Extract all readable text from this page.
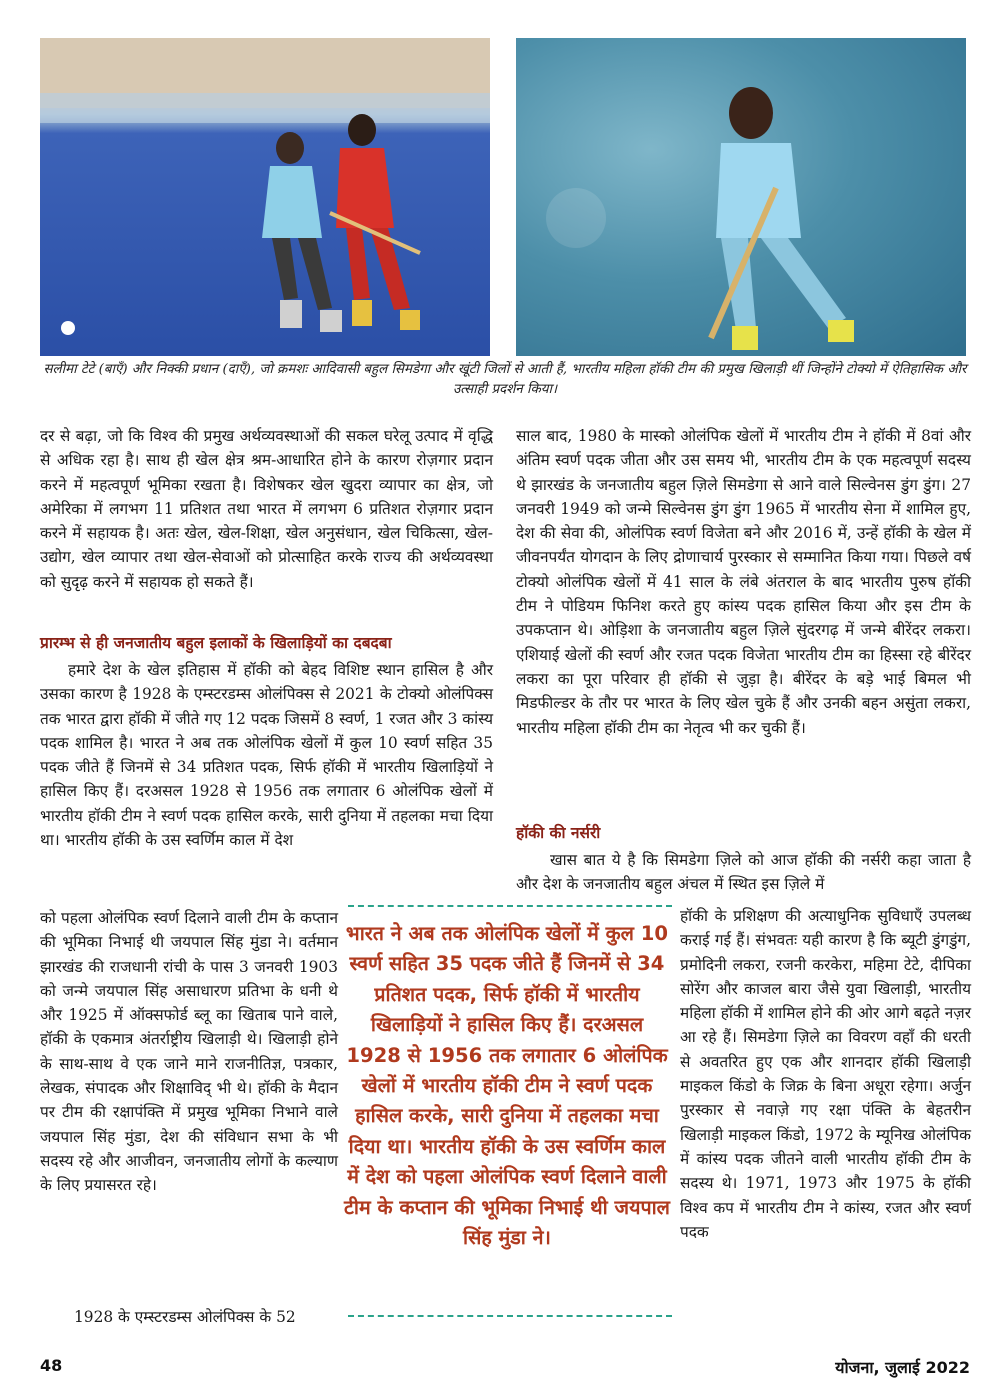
सलीमा टेटे (बाएँ) और निक्की प्रधान (दाएँ), जो क्रमशः आदिवासी बहुल सिमडेगा और खूंटी जिलों से आती हैं, भारतीय महिला हॉकी टीम की प्रमुख खिलाड़ी थीं जिन्होंने टोक्यो में ऐतिहासिक और उत्साही प्रदर्शन किया।

दर से बढ़ा, जो कि विश्व की प्रमुख अर्थव्यवस्थाओं की सकल घरेलू उत्पाद में वृद्धि से अधिक रहा है। साथ ही खेल क्षेत्र श्रम-आधारित होने के कारण रोज़गार प्रदान करने में महत्वपूर्ण भूमिका रखता है। विशेषकर खेल खुदरा व्यापार का क्षेत्र, जो अमेरिका में लगभग 11 प्रतिशत तथा भारत में लगभग 6 प्रतिशत रोज़गार प्रदान करने में सहायक है। अतः खेल, खेल-शिक्षा, खेल अनुसंधान, खेल चिकित्सा, खेल-उद्योग, खेल व्यापार तथा खेल-सेवाओं को प्रोत्साहित करके राज्य की अर्थव्यवस्था को सुदृढ़ करने में सहायक हो सकते हैं।

प्रारम्भ से ही जनजातीय बहुल इलाकों के खिलाड़ियों का दबदबा

हमारे देश के खेल इतिहास में हॉकी को बेहद विशिष्ट स्थान हासिल है और उसका कारण है 1928 के एम्स्टरडम्स ओलंपिक्स से 2021 के टोक्यो ओलंपिक्स तक भारत द्वारा हॉकी में जीते गए 12 पदक जिसमें 8 स्वर्ण, 1 रजत और 3 कांस्य पदक शामिल है। भारत ने अब तक ओलंपिक खेलों में कुल 10 स्वर्ण सहित 35 पदक जीते हैं जिनमें से 34 प्रतिशत पदक, सिर्फ हॉकी में भारतीय खिलाड़ियों ने हासिल किए हैं। दरअसल 1928 से 1956 तक लगातार 6 ओलंपिक खेलों में भारतीय हॉकी टीम ने स्वर्ण पदक हासिल करके, सारी दुनिया में तहलका मचा दिया था। भारतीय हॉकी के उस स्वर्णिम काल में देश

को पहला ओलंपिक स्वर्ण दिलाने वाली टीम के कप्तान की भूमिका निभाई थी जयपाल सिंह मुंडा ने। वर्तमान झारखंड की राजधानी रांची के पास 3 जनवरी 1903 को जन्मे जयपाल सिंह असाधारण प्रतिभा के धनी थे और 1925 में ऑक्सफोर्ड ब्लू का खिताब पाने वाले, हॉकी के एकमात्र अंतर्राष्ट्रीय खिलाड़ी थे। खिलाड़ी होने के साथ-साथ वे एक जाने माने राजनीतिज्ञ, पत्रकार, लेखक, संपादक और शिक्षाविद् भी थे। हॉकी के मैदान पर टीम की रक्षापंक्ति में प्रमुख भूमिका निभाने वाले जयपाल सिंह मुंडा, देश की संविधान सभा के भी सदस्य रहे और आजीवन, जनजातीय लोगों के कल्याण के लिए प्रयासरत रहे।

1928 के एम्स्टरडम्स ओलंपिक्स के 52

साल बाद, 1980 के मास्को ओलंपिक खेलों में भारतीय टीम ने हॉकी में 8वां और अंतिम स्वर्ण पदक जीता और उस समय भी, भारतीय टीम के एक महत्वपूर्ण सदस्य थे झारखंड के जनजातीय बहुल ज़िले सिमडेगा से आने वाले सिल्वेनस डुंग डुंग। 27 जनवरी 1949 को जन्मे सिल्वेनस डुंग डुंग 1965 में भारतीय सेना में शामिल हुए, देश की सेवा की, ओलंपिक स्वर्ण विजेता बने और 2016 में, उन्हें हॉकी के खेल में जीवनपर्यंत योगदान के लिए द्रोणाचार्य पुरस्कार से सम्मानित किया गया। पिछले वर्ष टोक्यो ओलंपिक खेलों में 41 साल के लंबे अंतराल के बाद भारतीय पुरुष हॉकी टीम ने पोडियम फिनिश करते हुए कांस्य पदक हासिल किया और इस टीम के उपकप्तान थे। ओड़िशा के जनजातीय बहुल ज़िले सुंदरगढ़ में जन्मे बीरेंदर लकरा। एशियाई खेलों की स्वर्ण और रजत पदक विजेता भारतीय टीम का हिस्सा रहे बीरेंदर लकरा का पूरा परिवार ही हॉकी से जुड़ा है। बीरेंदर के बड़े भाई बिमल भी मिडफील्डर के तौर पर भारत के लिए खेल चुके हैं और उनकी बहन असुंता लकरा, भारतीय महिला हॉकी टीम का नेतृत्व भी कर चुकी हैं।

हॉकी की नर्सरी

खास बात ये है कि सिमडेगा ज़िले को आज हॉकी की नर्सरी कहा जाता है और देश के जनजातीय बहुल अंचल में स्थित इस ज़िले में

हॉकी के प्रशिक्षण की अत्याधुनिक सुविधाएँ उपलब्ध कराई गई हैं। संभवतः यही कारण है कि ब्यूटी डुंगडुंग, प्रमोदिनी लकरा, रजनी करकेरा, महिमा टेटे, दीपिका सोरेंग और काजल बारा जैसे युवा खिलाड़ी, भारतीय महिला हॉकी में शामिल होने की ओर आगे बढ़ते नज़र आ रहे हैं। सिमडेगा ज़िले का विवरण वहाँ की धरती से अवतरित हुए एक और शानदार हॉकी खिलाड़ी माइकल किंडो के जिक्र के बिना अधूरा रहेगा। अर्जुन पुरस्कार से नवाज़े गए रक्षा पंक्ति के बेहतरीन खिलाड़ी माइकल किंडो, 1972 के म्यूनिख ओलंपिक में कांस्य पदक जीतने वाली भारतीय हॉकी टीम के सदस्य थे। 1971, 1973 और 1975 के हॉकी विश्व कप में भारतीय टीम ने कांस्य, रजत और स्वर्ण पदक

भारत ने अब तक ओलंपिक खेलों में कुल 10 स्वर्ण सहित 35 पदक जीते हैं जिनमें से 34 प्रतिशत पदक, सिर्फ हॉकी में भारतीय खिलाड़ियों ने हासिल किए हैं। दरअसल 1928 से 1956 तक लगातार 6 ओलंपिक खेलों में भारतीय हॉकी टीम ने स्वर्ण पदक हासिल करके, सारी दुनिया में तहलका मचा दिया था। भारतीय हॉकी के उस स्वर्णिम काल में देश को पहला ओलंपिक स्वर्ण दिलाने वाली टीम के कप्तान की भूमिका निभाई थी जयपाल सिंह मुंडा ने।

48	योजना, जुलाई 2022
